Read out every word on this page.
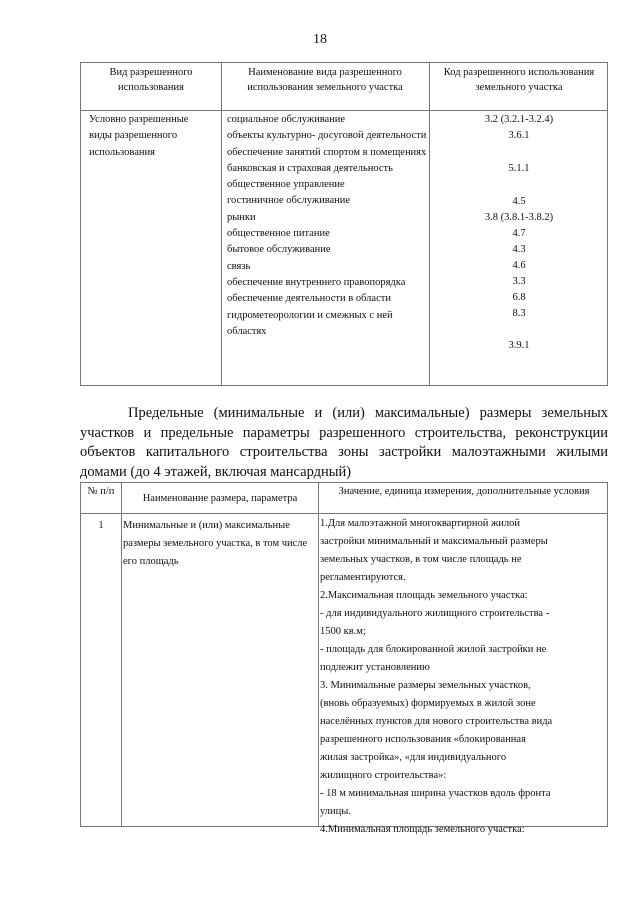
18
Вид разрешенного использования
Наименование вида разрешенного использования земельного участка
Код разрешенного использования земельного участка
Условно разрешенные виды разрешенного использования
социальное обслуживание
объекты культурно- досуговой деятельности
обеспечение занятий спортом в помещениях
банковская и страховая деятельность
общественное управление
гостиничное обслуживание
рынки
общественное питание
бытовое обслуживание
связь
обеспечение внутреннего правопорядка
обеспечение деятельности в области гидрометеорологии и смежных с ней областях
3.2 (3.2.1-3.2.4)
3.6.1
5.1.1
4.5
3.8 (3.8.1-3.8.2)
4.7
4.3
4.6
3.3
6.8
8.3
3.9.1
Предельные (минимальные и (или) максимальные) размеры земельных участков и предельные параметры разрешенного строительства, реконструкции объектов капитального строительства зоны застройки малоэтажными жилыми домами (до 4 этажей, включая мансардный)
№ п/п
Наименование размера, параметра
Значение, единица измерения, дополнительные условия
1	Минимальные и (или) максимальные размеры земельного участка, в том числе его площадь
1.Для малоэтажной многоквартирной жилой
застройки минимальный и максимальный размеры
земельных участков, в том числе площадь не
регламентируются.
2.Максимальная площадь земельного участка:
- для индивидуального жилищного строительства -
1500 кв.м;
- площадь для блокированной жилой застройки не
подлежит установлению
3. Минимальные размеры земельных участков,
(вновь образуемых) формируемых в жилой зоне
населённых пунктов для нового строительства вида
разрешенного использования «блокированная
жилая застройка», «для индивидуального
жилищного строительства»:
- 18 м минимальная ширина участков вдоль фронта
улицы.
4.Минимальная площадь земельного участка:
